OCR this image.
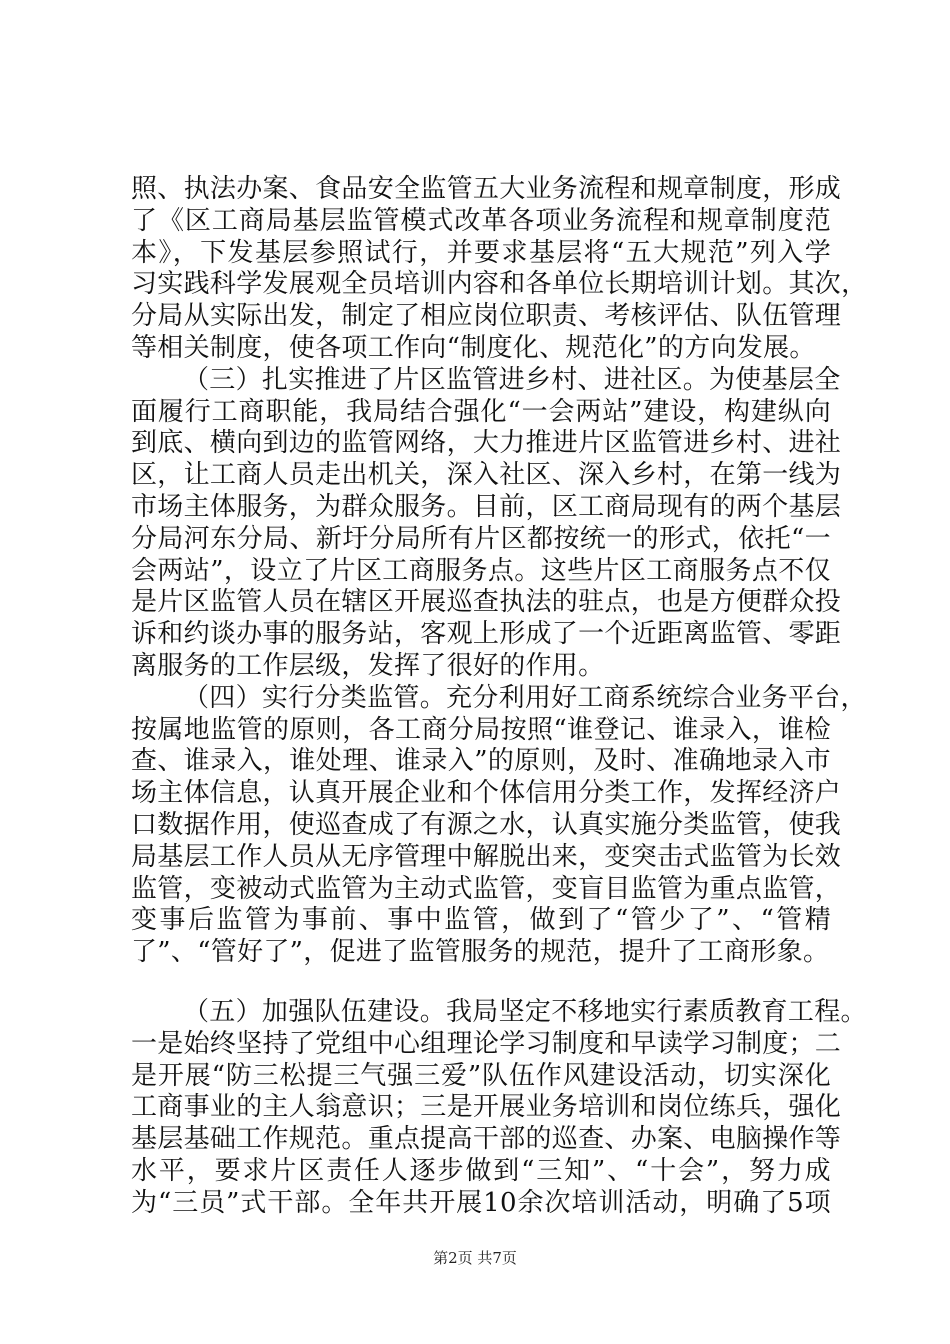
照、执法办案、食品安全监管五大业务流程和规章制度，形成
了《区工商局基层监管模式改革各项业务流程和规章制度范
本》，下发基层参照试行，并要求基层将“五大规范”列入学
习实践科学发展观全员培训内容和各单位长期培训计划。其次，
分局从实际出发，制定了相应岗位职责、考核评估、队伍管理
等相关制度，使各项工作向“制度化、规范化”的方向发展。
（三）扎实推进了片区监管进乡村、进社区。为使基层全
面履行工商职能，我局结合强化“一会两站”建设，构建纵向
到底、横向到边的监管网络，大力推进片区监管进乡村、进社
区，让工商人员走出机关，深入社区、深入乡村，在第一线为
市场主体服务，为群众服务。目前，区工商局现有的两个基层
分局河东分局、新圩分局所有片区都按统一的形式，依托“一
会两站”，设立了片区工商服务点。这些片区工商服务点不仅
是片区监管人员在辖区开展巡查执法的驻点，也是方便群众投
诉和约谈办事的服务站，客观上形成了一个近距离监管、零距
离服务的工作层级，发挥了很好的作用。
（四）实行分类监管。充分利用好工商系统综合业务平台，
按属地监管的原则，各工商分局按照“谁登记、谁录入，谁检
查、谁录入，谁处理、谁录入”的原则，及时、准确地录入市
场主体信息，认真开展企业和个体信用分类工作，发挥经济户
口数据作用，使巡查成了有源之水，认真实施分类监管，使我
局基层工作人员从无序管理中解脱出来，变突击式监管为长效
监管，变被动式监管为主动式监管，变盲目监管为重点监管，
变事后监管为事前、事中监管，做到了“管少了”、“管精
了”、“管好了”，促进了监管服务的规范，提升了工商形象。
（五）加强队伍建设。我局坚定不移地实行素质教育工程。
一是始终坚持了党组中心组理论学习制度和早读学习制度；二
是开展“防三松提三气强三爱”队伍作风建设活动，切实深化
工商事业的主人翁意识；三是开展业务培训和岗位练兵，强化
基层基础工作规范。重点提高干部的巡查、办案、电脑操作等
水平，要求片区责任人逐步做到“三知”、“十会”，努力成
为“三员”式干部。全年共开展10余次培训活动，明确了5项
第2页 共7页
